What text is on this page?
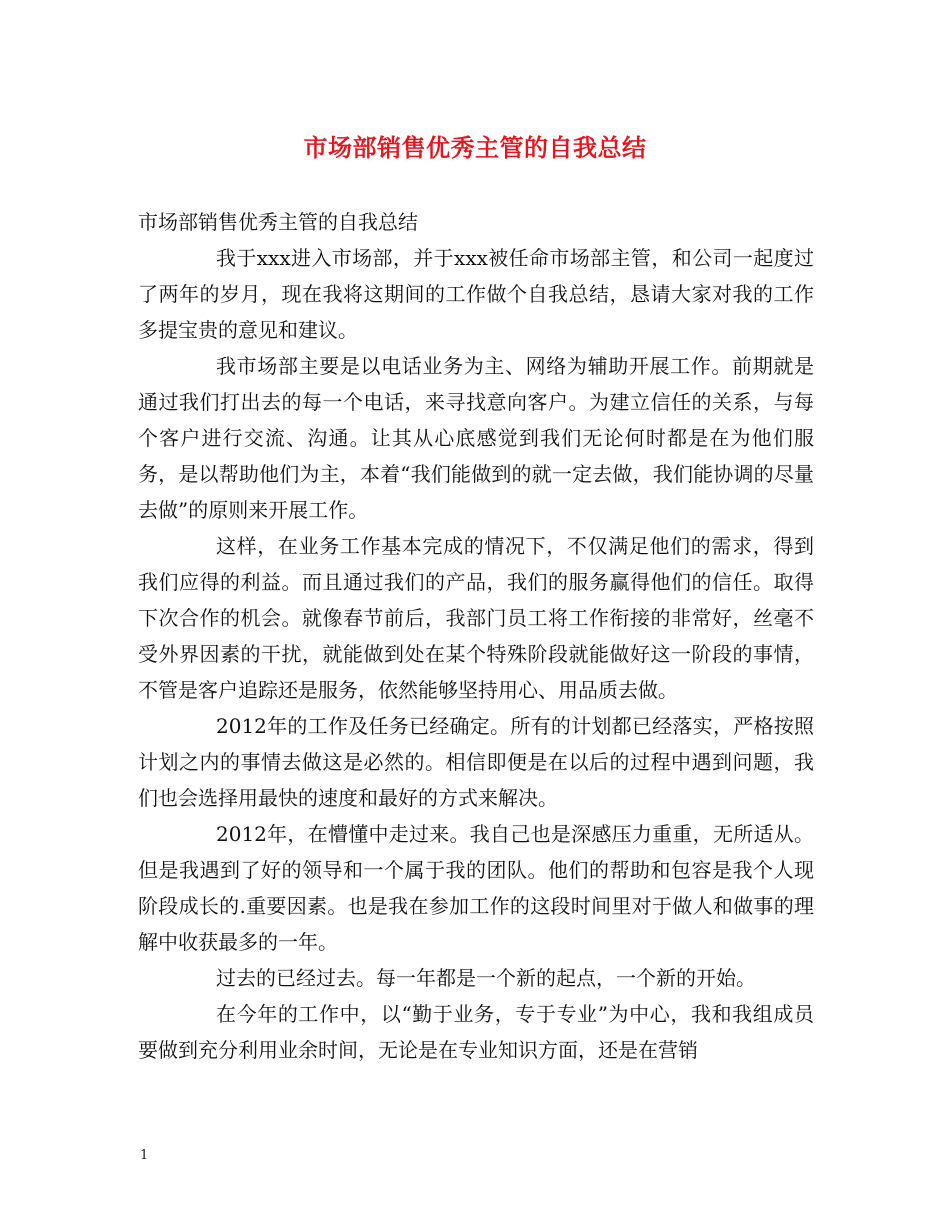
市场部销售优秀主管的自我总结

市场部销售优秀主管的自我总结

我于xxx进入市场部，并于xxx被任命市场部主管，和公司一起度过了两年的岁月，现在我将这期间的工作做个自我总结，恳请大家对我的工作多提宝贵的意见和建议。

我市场部主要是以电话业务为主、网络为辅助开展工作。前期就是通过我们打出去的每一个电话，来寻找意向客户。为建立信任的关系，与每个客户进行交流、沟通。让其从心底感觉到我们无论何时都是在为他们服务，是以帮助他们为主，本着“我们能做到的就一定去做，我们能协调的尽量去做”的原则来开展工作。

这样，在业务工作基本完成的情况下，不仅满足他们的需求，得到我们应得的利益。而且通过我们的产品，我们的服务赢得他们的信任。取得下次合作的机会。就像春节前后，我部门员工将工作衔接的非常好，丝毫不受外界因素的干扰，就能做到处在某个特殊阶段就能做好这一阶段的事情，不管是客户追踪还是服务，依然能够坚持用心、用品质去做。

2012年的工作及任务已经确定。所有的计划都已经落实，严格按照计划之内的事情去做这是必然的。相信即便是在以后的过程中遇到问题，我们也会选择用最快的速度和最好的方式来解决。

2012年，在懵懂中走过来。我自己也是深感压力重重，无所适从。但是我遇到了好的领导和一个属于我的团队。他们的帮助和包容是我个人现阶段成长的.重要因素。也是我在参加工作的这段时间里对于做人和做事的理解中收获最多的一年。

过去的已经过去。每一年都是一个新的起点，一个新的开始。

在今年的工作中，以“勤于业务，专于专业”为中心，我和我组成员要做到充分利用业余时间，无论是在专业知识方面，还是在营销

1
